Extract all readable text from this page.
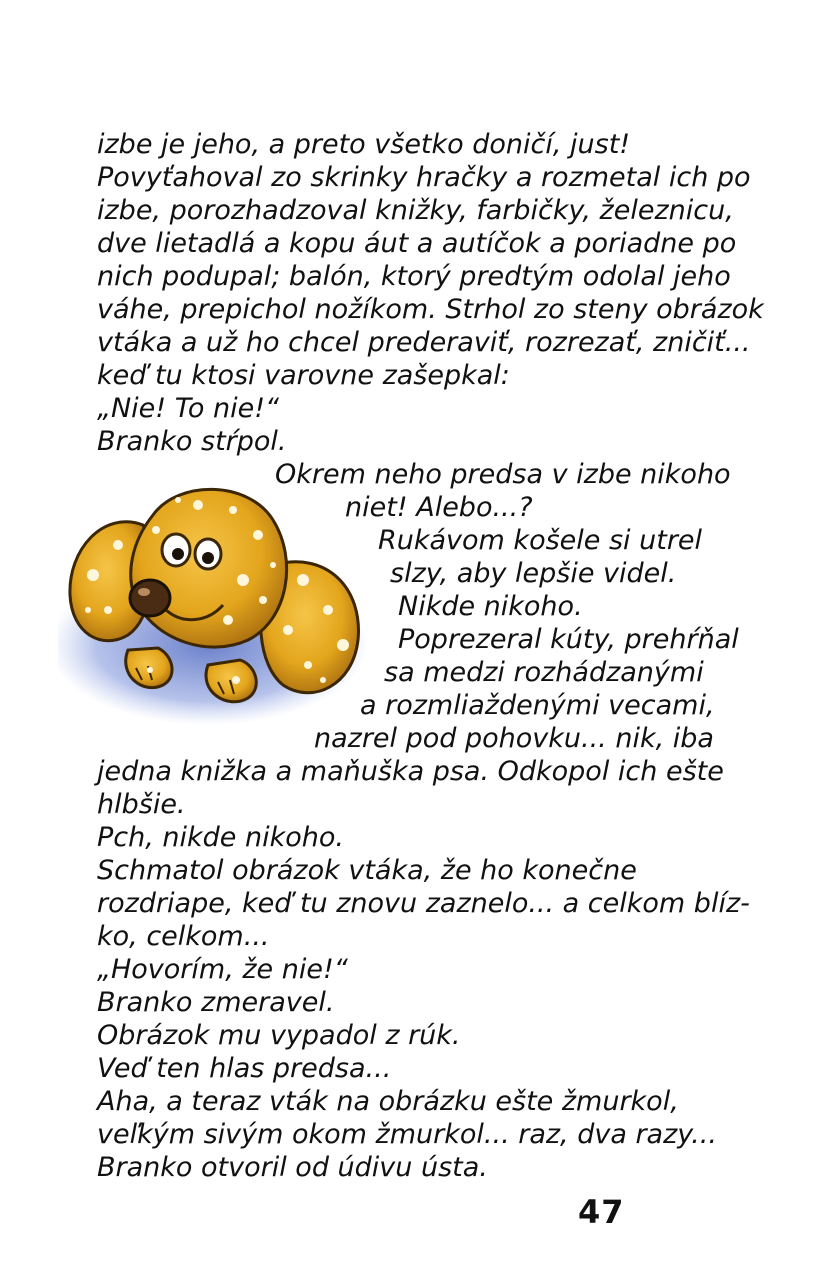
izbe je jeho, a preto všetko doničí, just!

Povyťahoval zo skrinky hračky a rozmetal ich po

izbe, porozhadzoval knižky, farbičky, železnicu,

dve lietadlá a kopu áut a autíčok a poriadne po

nich podupal; balón, ktorý predtým odolal jeho

váhe, prepichol nožíkom. Strhol zo steny obrázok

vtáka a už ho chcel prederaviť, rozrezať, zničiť...

keď tu ktosi varovne zašepkal:

„Nie! To nie!“

Branko stŕpol.

Okrem neho predsa v izbe nikoho

niet! Alebo...?

Rukávom košele si utrel

slzy, aby lepšie videl.

Nikde nikoho.

Poprezeral kúty, prehŕňal

sa medzi rozhádzanými

a rozmliaždenými vecami,

nazrel pod pohovku... nik, iba

jedna knižka a maňuška psa. Odkopol ich ešte

hlbšie.

Pch, nikde nikoho.

Schmatol obrázok vtáka, že ho konečne

rozdriape, keď tu znovu zaznelo... a celkom blíz-

ko, celkom...

„Hovorím, že nie!“

Branko zmeravel.

Obrázok mu vypadol z rúk.

Veď ten hlas predsa...

Aha, a teraz vták na obrázku ešte žmurkol,

veľkým sivým okom žmurkol... raz, dva razy...

Branko otvoril od údivu ústa.

47
